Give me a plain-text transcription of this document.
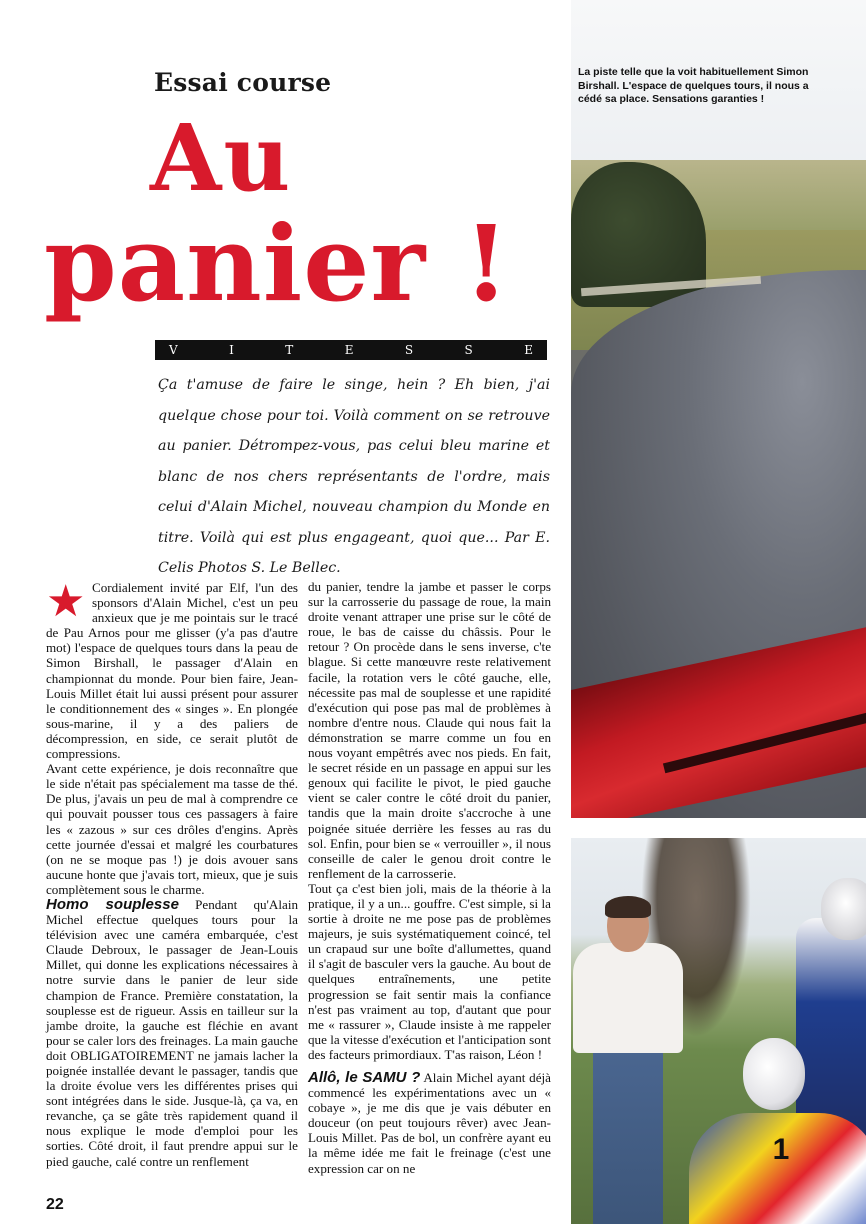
La piste telle que la voit habituellement Simon Birshall. L'espace de quelques tours, il nous a cédé sa place. Sensations garanties !
1
Essai course
Au
panier !
V	I	T	E	S	S	E
Ça t'amuse de faire le singe, hein ? Eh bien, j'ai quelque chose pour toi. Voilà comment on se retrouve au panier. Détrompez-vous, pas celui bleu marine et blanc de nos chers représentants de l'ordre, mais celui d'Alain Michel, nouveau champion du Monde en titre. Voilà qui est plus engageant, quoi que... Par E. Celis Photos S. Le Bellec.
★ Cordialement invité par Elf, l'un des sponsors d'Alain Michel, c'est un peu anxieux que je me pointais sur le tracé de Pau Arnos pour me glisser (y'a pas d'autre mot) l'espace de quelques tours dans la peau de Simon Birshall, le passager d'Alain en championnat du monde. Pour bien faire, Jean-Louis Millet était lui aussi présent pour assurer le conditionnement des « singes ». En plongée sous-marine, il y a des paliers de décompression, en side, ce serait plutôt de compressions.

Avant cette expérience, je dois reconnaître que le side n'était pas spécialement ma tasse de thé. De plus, j'avais un peu de mal à comprendre ce qui pouvait pousser tous ces passagers à faire les « zazous » sur ces drôles d'engins. Après cette journée d'essai et malgré les courbatures (on ne se moque pas !) je dois avouer sans aucune honte que j'avais tort, mieux, que je suis complètement sous le charme.

Homo souplesse Pendant qu'Alain Michel effectue quelques tours pour la télévision avec une caméra embarquée, c'est Claude Debroux, le passager de Jean-Louis Millet, qui donne les explications nécessaires à notre survie dans le panier de leur side champion de France. Première constatation, la souplesse est de rigueur. Assis en tailleur sur la jambe droite, la gauche est fléchie en avant pour se caler lors des freinages. La main gauche doit OBLIGATOIREMENT ne jamais lacher la poignée installée devant le passager, tandis que la droite évolue vers les différentes prises qui sont intégrées dans le side. Jusque-là, ça va, en revanche, ça se gâte très rapidement quand il nous explique le mode d'emploi pour les sorties. Côté droit, il faut prendre appui sur le pied gauche, calé contre un renflement

du panier, tendre la jambe et passer le corps sur la carrosserie du passage de roue, la main droite venant attraper une prise sur le côté de roue, le bas de caisse du châssis. Pour le retour ? On procède dans le sens inverse, c'te blague. Si cette manœuvre reste relativement facile, la rotation vers le côté gauche, elle, nécessite pas mal de souplesse et une rapidité d'exécution qui pose pas mal de problèmes à nombre d'entre nous. Claude qui nous fait la démonstration se marre comme un fou en nous voyant empêtrés avec nos pieds. En fait, le secret réside en un passage en appui sur les genoux qui facilite le pivot, le pied gauche vient se caler contre le côté droit du panier, tandis que la main droite s'accroche à une poignée située derrière les fesses au ras du sol. Enfin, pour bien se « verrouiller », il nous conseille de caler le genou droit contre le renflement de la carrosserie.

Tout ça c'est bien joli, mais de la théorie à la pratique, il y a un... gouffre. C'est simple, si la sortie à droite ne me pose pas de problèmes majeurs, je suis systématiquement coincé, tel un crapaud sur une boîte d'allumettes, quand il s'agit de basculer vers la gauche. Au bout de quelques entraînements, une petite progression se fait sentir mais la confiance n'est pas vraiment au top, d'autant que pour me « rassurer », Claude insiste à me rappeler que la vitesse d'exécution et l'anticipation sont des facteurs primordiaux. T'as raison, Léon !

Allô, le SAMU ? Alain Michel ayant déjà commencé les expérimentations avec un « cobaye », je me dis que je vais débuter en douceur (on peut toujours rêver) avec Jean-Louis Millet. Pas de bol, un confrère ayant eu la même idée me fait le freinage (c'est une expression car on ne

22
